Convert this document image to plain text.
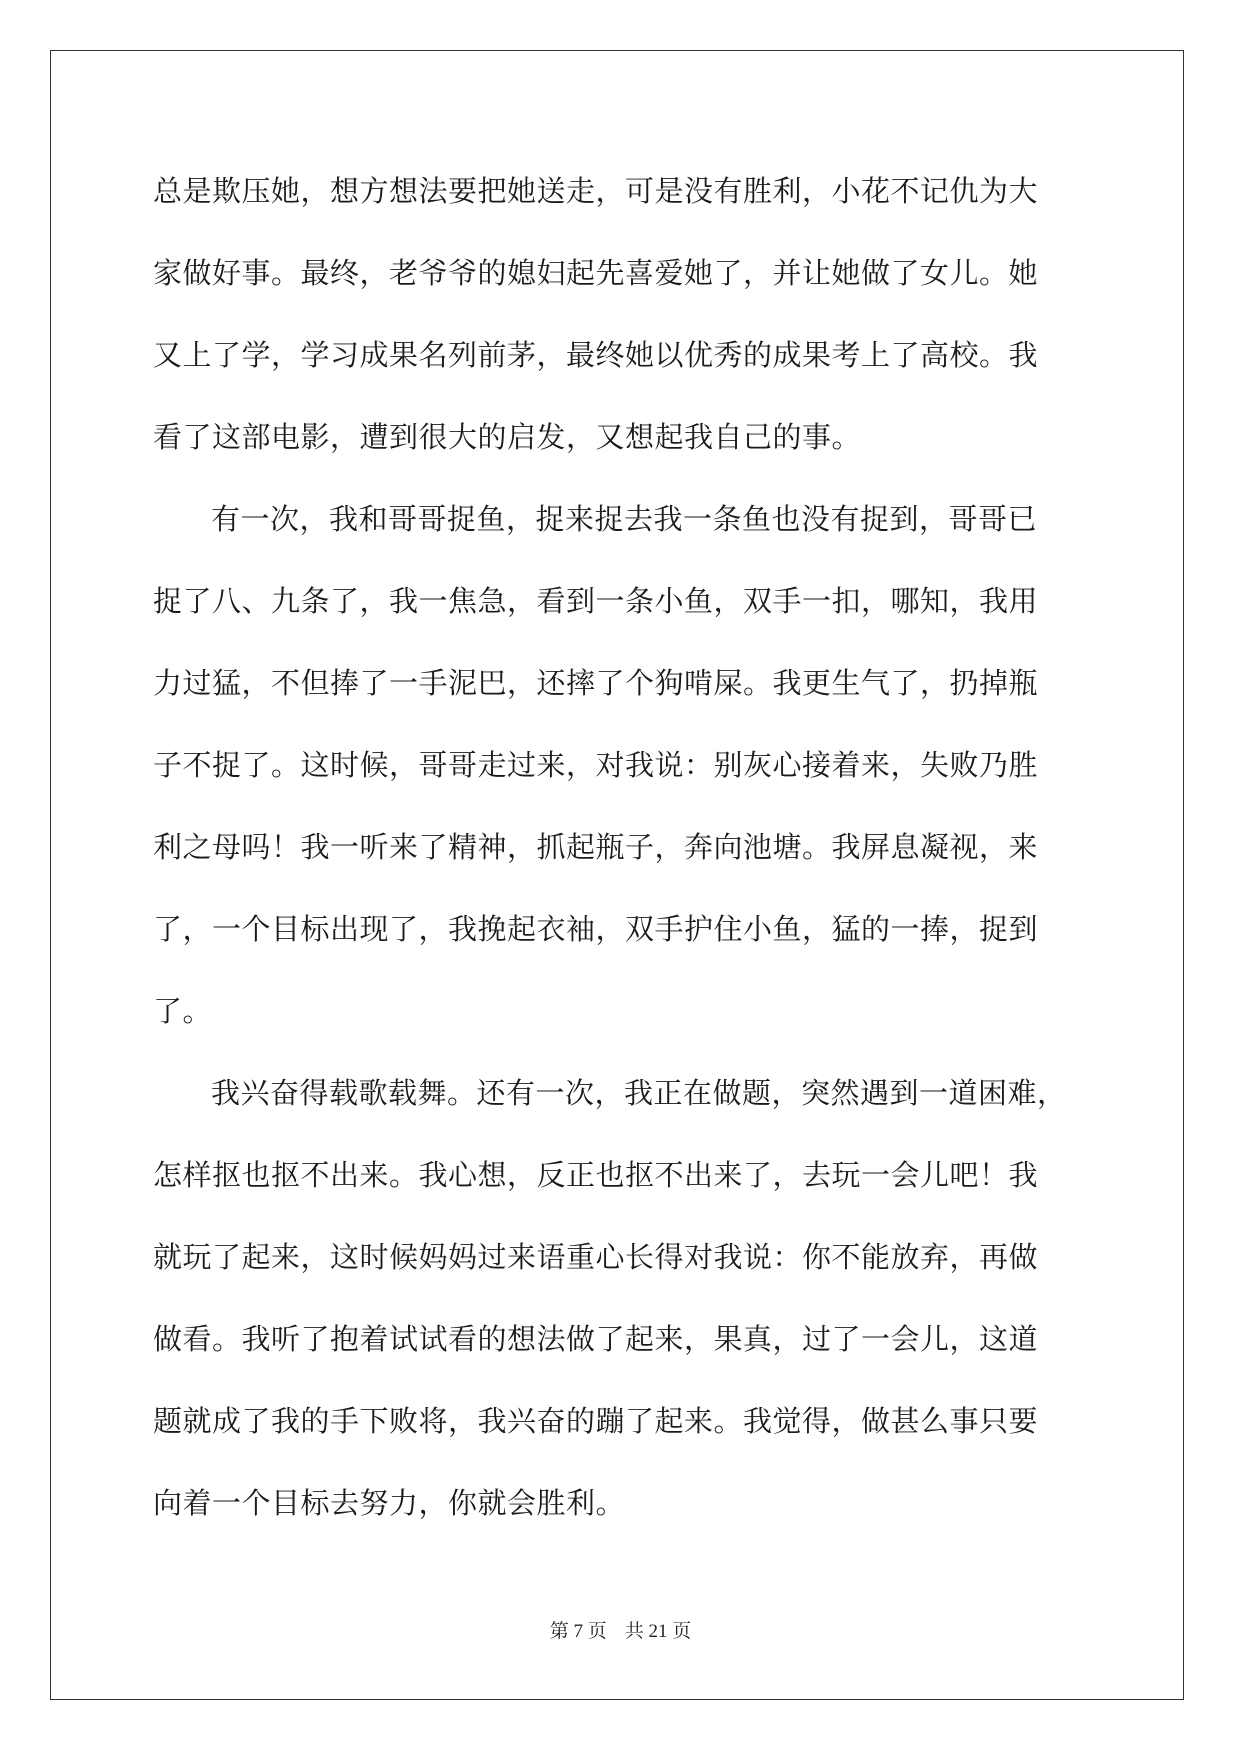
总是欺压她，想方想法要把她送走，可是没有胜利，小花不记仇为大
家做好事。最终，老爷爷的媳妇起先喜爱她了，并让她做了女儿。她
又上了学，学习成果名列前茅，最终她以优秀的成果考上了高校。我
看了这部电影，遭到很大的启发，又想起我自己的事。
有一次，我和哥哥捉鱼，捉来捉去我一条鱼也没有捉到，哥哥已
捉了八、九条了，我一焦急，看到一条小鱼，双手一扣，哪知，我用
力过猛，不但捧了一手泥巴，还摔了个狗啃屎。我更生气了，扔掉瓶
子不捉了。这时候，哥哥走过来，对我说：别灰心接着来，失败乃胜
利之母吗！我一听来了精神，抓起瓶子，奔向池塘。我屏息凝视，来
了，一个目标出现了，我挽起衣袖，双手护住小鱼，猛的一捧，捉到
了。
我兴奋得载歌载舞。还有一次，我正在做题，突然遇到一道困难，
怎样抠也抠不出来。我心想，反正也抠不出来了，去玩一会儿吧！我
就玩了起来，这时候妈妈过来语重心长得对我说：你不能放弃，再做
做看。我听了抱着试试看的想法做了起来，果真，过了一会儿，这道
题就成了我的手下败将，我兴奋的蹦了起来。我觉得，做甚么事只要
向着一个目标去努力，你就会胜利。
第 7 页 共 21 页
